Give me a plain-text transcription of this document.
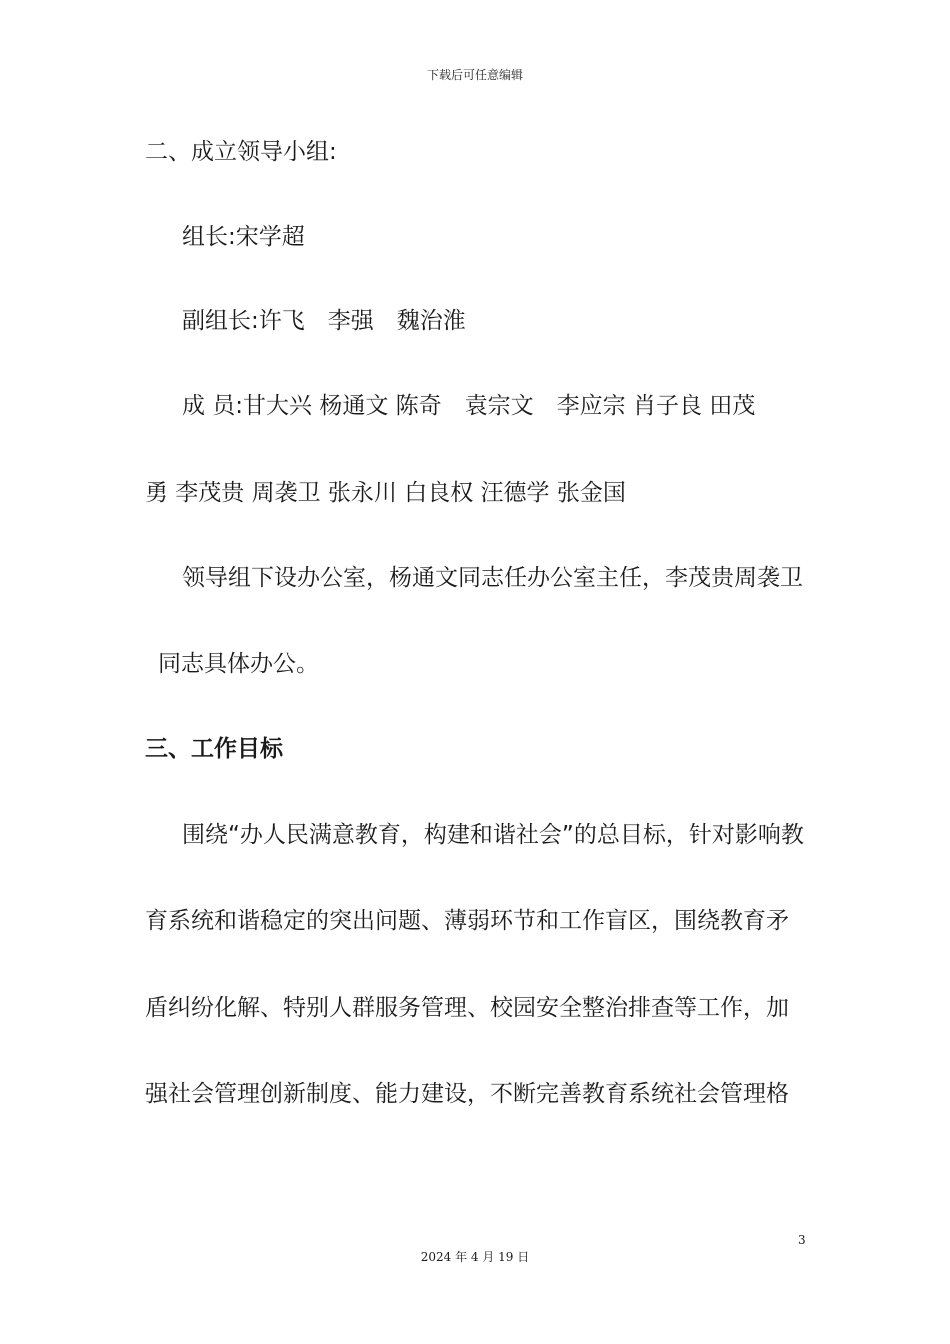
下载后可任意编辑
二、成立领导小组:
组长:宋学超
副组长:许飞　李强　魏治淮
成 员:甘大兴 杨通文 陈奇　袁宗文　李应宗 肖子良 田茂
勇 李茂贵 周袭卫 张永川 白良权 汪德学 张金国
领导组下设办公室，杨通文同志任办公室主任，李茂贵周袭卫
同志具体办公。
三、工作目标
围绕“办人民满意教育，构建和谐社会”的总目标，针对影响教
育系统和谐稳定的突出问题、薄弱环节和工作盲区，围绕教育矛
盾纠纷化解、特别人群服务管理、校园安全整治排查等工作，加
强社会管理创新制度、能力建设，不断完善教育系统社会管理格
3
2024 年 4 月 19 日
